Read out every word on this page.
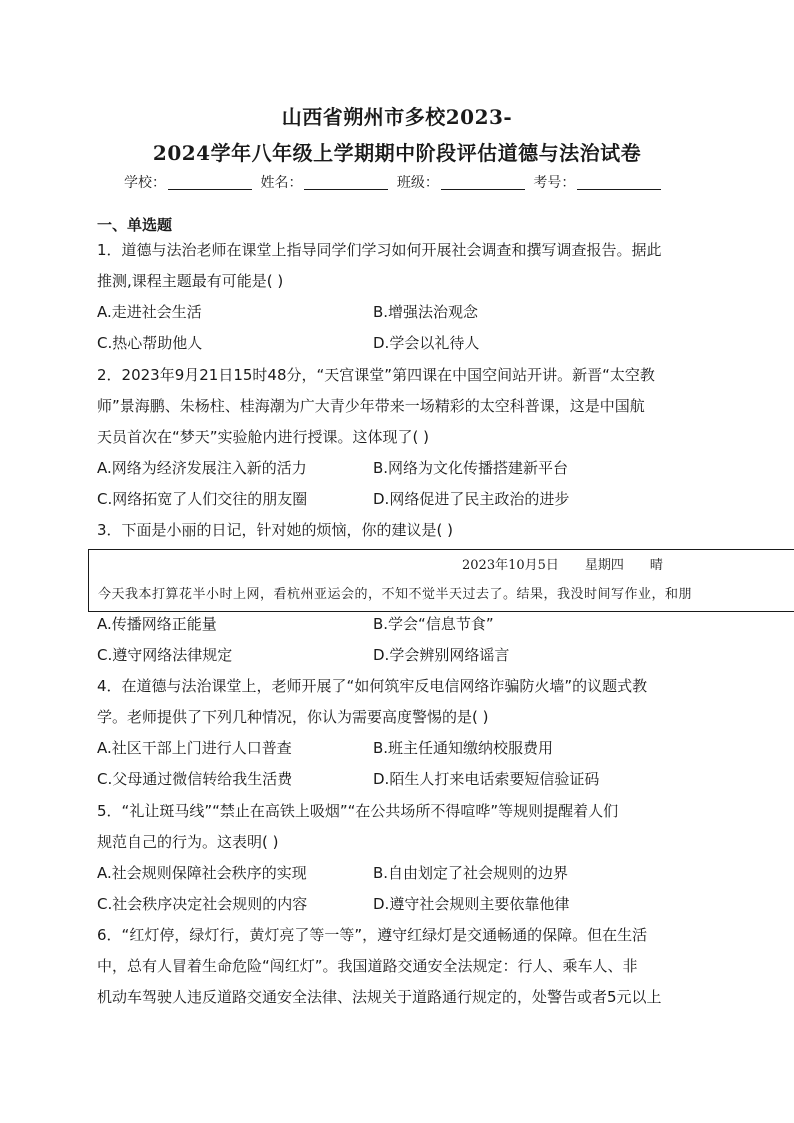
山西省朔州市多校2023-
2024学年八年级上学期期中阶段评估道德与法治试卷
学校：	姓名：	班级：	考号：
一、单选题
1．道德与法治老师在课堂上指导同学们学习如何开展社会调查和撰写调查报告。据此
推测,课程主题最有可能是( )
A.走进社会生活	B.增强法治观念
C.热心帮助他人	D.学会以礼待人
2．2023年9月21日15时48分，“天宫课堂”第四课在中国空间站开讲。新晋“太空教
师”景海鹏、朱杨柱、桂海潮为广大青少年带来一场精彩的太空科普课，这是中国航
天员首次在“梦天”实验舱内进行授课。这体现了( )
A.网络为经济发展注入新的活力	B.网络为文化传播搭建新平台
C.网络拓宽了人们交往的朋友圈	D.网络促进了民主政治的进步
3．下面是小丽的日记，针对她的烦恼，你的建议是( )
2023年10月5日 星期四 晴
今天我本打算花半小时上网，看杭州亚运会的，不知不觉半天过去了。结果，我没时间写作业，和朋
A.传播网络正能量	B.学会“信息节食”
C.遵守网络法律规定	D.学会辨别网络谣言
4．在道德与法治课堂上，老师开展了“如何筑牢反电信网络诈骗防火墙”的议题式教
学。老师提供了下列几种情况，你认为需要高度警惕的是( )
A.社区干部上门进行人口普查	B.班主任通知缴纳校服费用
C.父母通过微信转给我生活费	D.陌生人打来电话索要短信验证码
5．“礼让斑马线”“禁止在高铁上吸烟”“在公共场所不得喧哗”等规则提醒着人们
规范自己的行为。这表明( )
A.社会规则保障社会秩序的实现	B.自由划定了社会规则的边界
C.社会秩序决定社会规则的内容	D.遵守社会规则主要依靠他律
6．“红灯停，绿灯行，黄灯亮了等一等”，遵守红绿灯是交通畅通的保障。但在生活
中，总有人冒着生命危险“闯红灯”。我国道路交通安全法规定：行人、乘车人、非
机动车驾驶人违反道路交通安全法律、法规关于道路通行规定的，处警告或者5元以上
